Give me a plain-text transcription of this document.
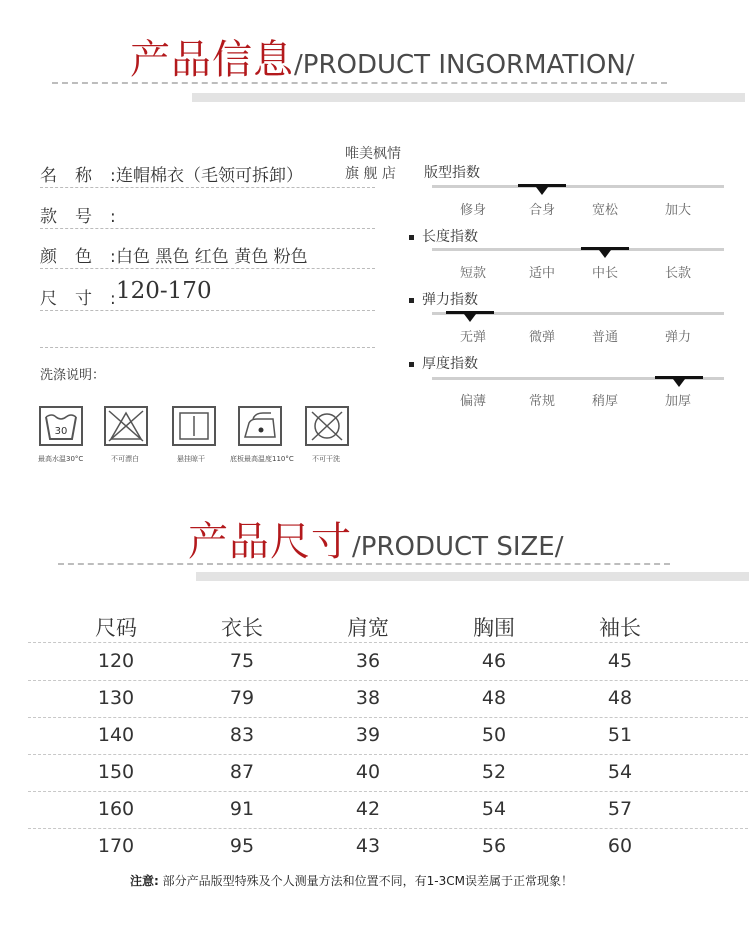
产品信息/PRODUCT INGORMATION/
名称:
连帽棉衣（毛领可拆卸）
款号:
颜色:
白色 黑色 红色 黄色 粉色
尺寸:
120-170
唯美枫情
旗 舰 店	版型指数
修身	合身	宽松	加大
长度指数
短款	适中	中长	长款
弹力指数
无弹	微弹	普通	弹力
厚度指数
偏薄	常规	稍厚	加厚
洗涤说明：
30
最高水温30°C	不可漂白	悬挂晾干	底板最高温度110°C	不可干洗
产品尺寸/PRODUCT SIZE/
尺码	衣长	肩宽	胸围	袖长
120	75	36	46	45
130	79	38	48	48
140	83	39	50	51
150	87	40	52	54
160	91	42	54	57
170	95	43	56	60
注意: 部分产品版型特殊及个人测量方法和位置不同，有1-3CM误差属于正常现象！
